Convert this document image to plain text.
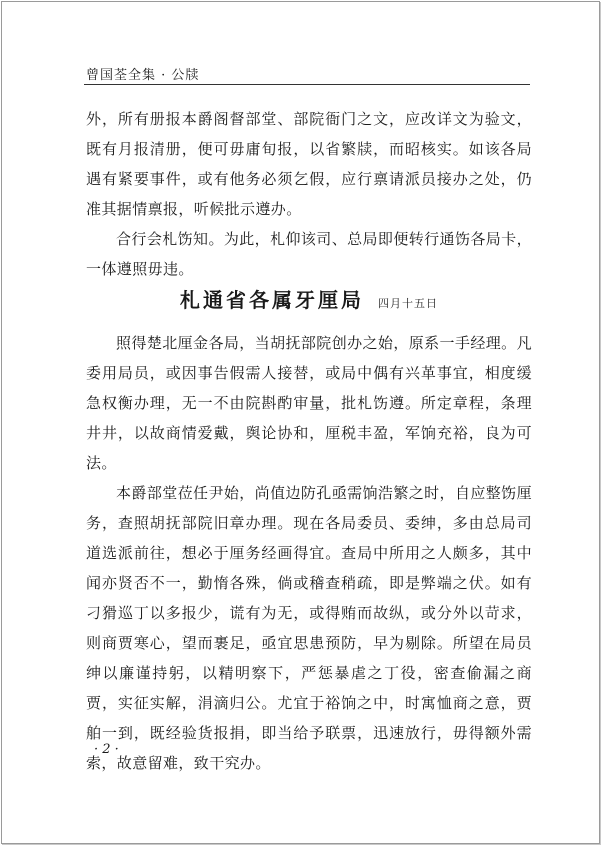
曾国荃全集 · 公牍

外，所有册报本爵阁督部堂、部院衙门之文，应改详文为验文，既有月报清册，便可毋庸旬报，以省繁牍，而昭核实。如该各局遇有紧要事件，或有他务必须乞假，应行禀请派员接办之处，仍准其据情禀报，听候批示遵办。

合行会札饬知。为此，札仰该司、总局即便转行通饬各局卡，一体遵照毋违。

札通省各属牙厘局 四月十五日

照得楚北厘金各局，当胡抚部院创办之始，原系一手经理。凡委用局员，或因事告假需人接替，或局中偶有兴革事宜，相度缓急权衡办理，无一不由院斟酌审量，批札饬遵。所定章程，条理井井，以故商情爱戴，舆论协和，厘税丰盈，军饷充裕，良为可法。

本爵部堂莅任尹始，尚值边防孔亟需饷浩繁之时，自应整饬厘务，查照胡抚部院旧章办理。现在各局委员、委绅，多由总局司道选派前往，想必于厘务经画得宜。查局中所用之人颇多，其中闻亦贤否不一，勤惰各殊，倘或稽查稍疏，即是弊端之伏。如有刁猾巡丁以多报少，谎有为无，或得贿而故纵，或分外以苛求，则商贾寒心，望而裹足，亟宜思患预防，早为剔除。所望在局员绅以廉谨持躬，以精明察下，严惩暴虐之丁役，密查偷漏之商贾，实征实解，涓滴归公。尤宜于裕饷之中，时寓恤商之意，贾舶一到，既经验货报捐，即当给予联票，迅速放行，毋得额外需索，故意留难，致干究办。

· 2 ·
